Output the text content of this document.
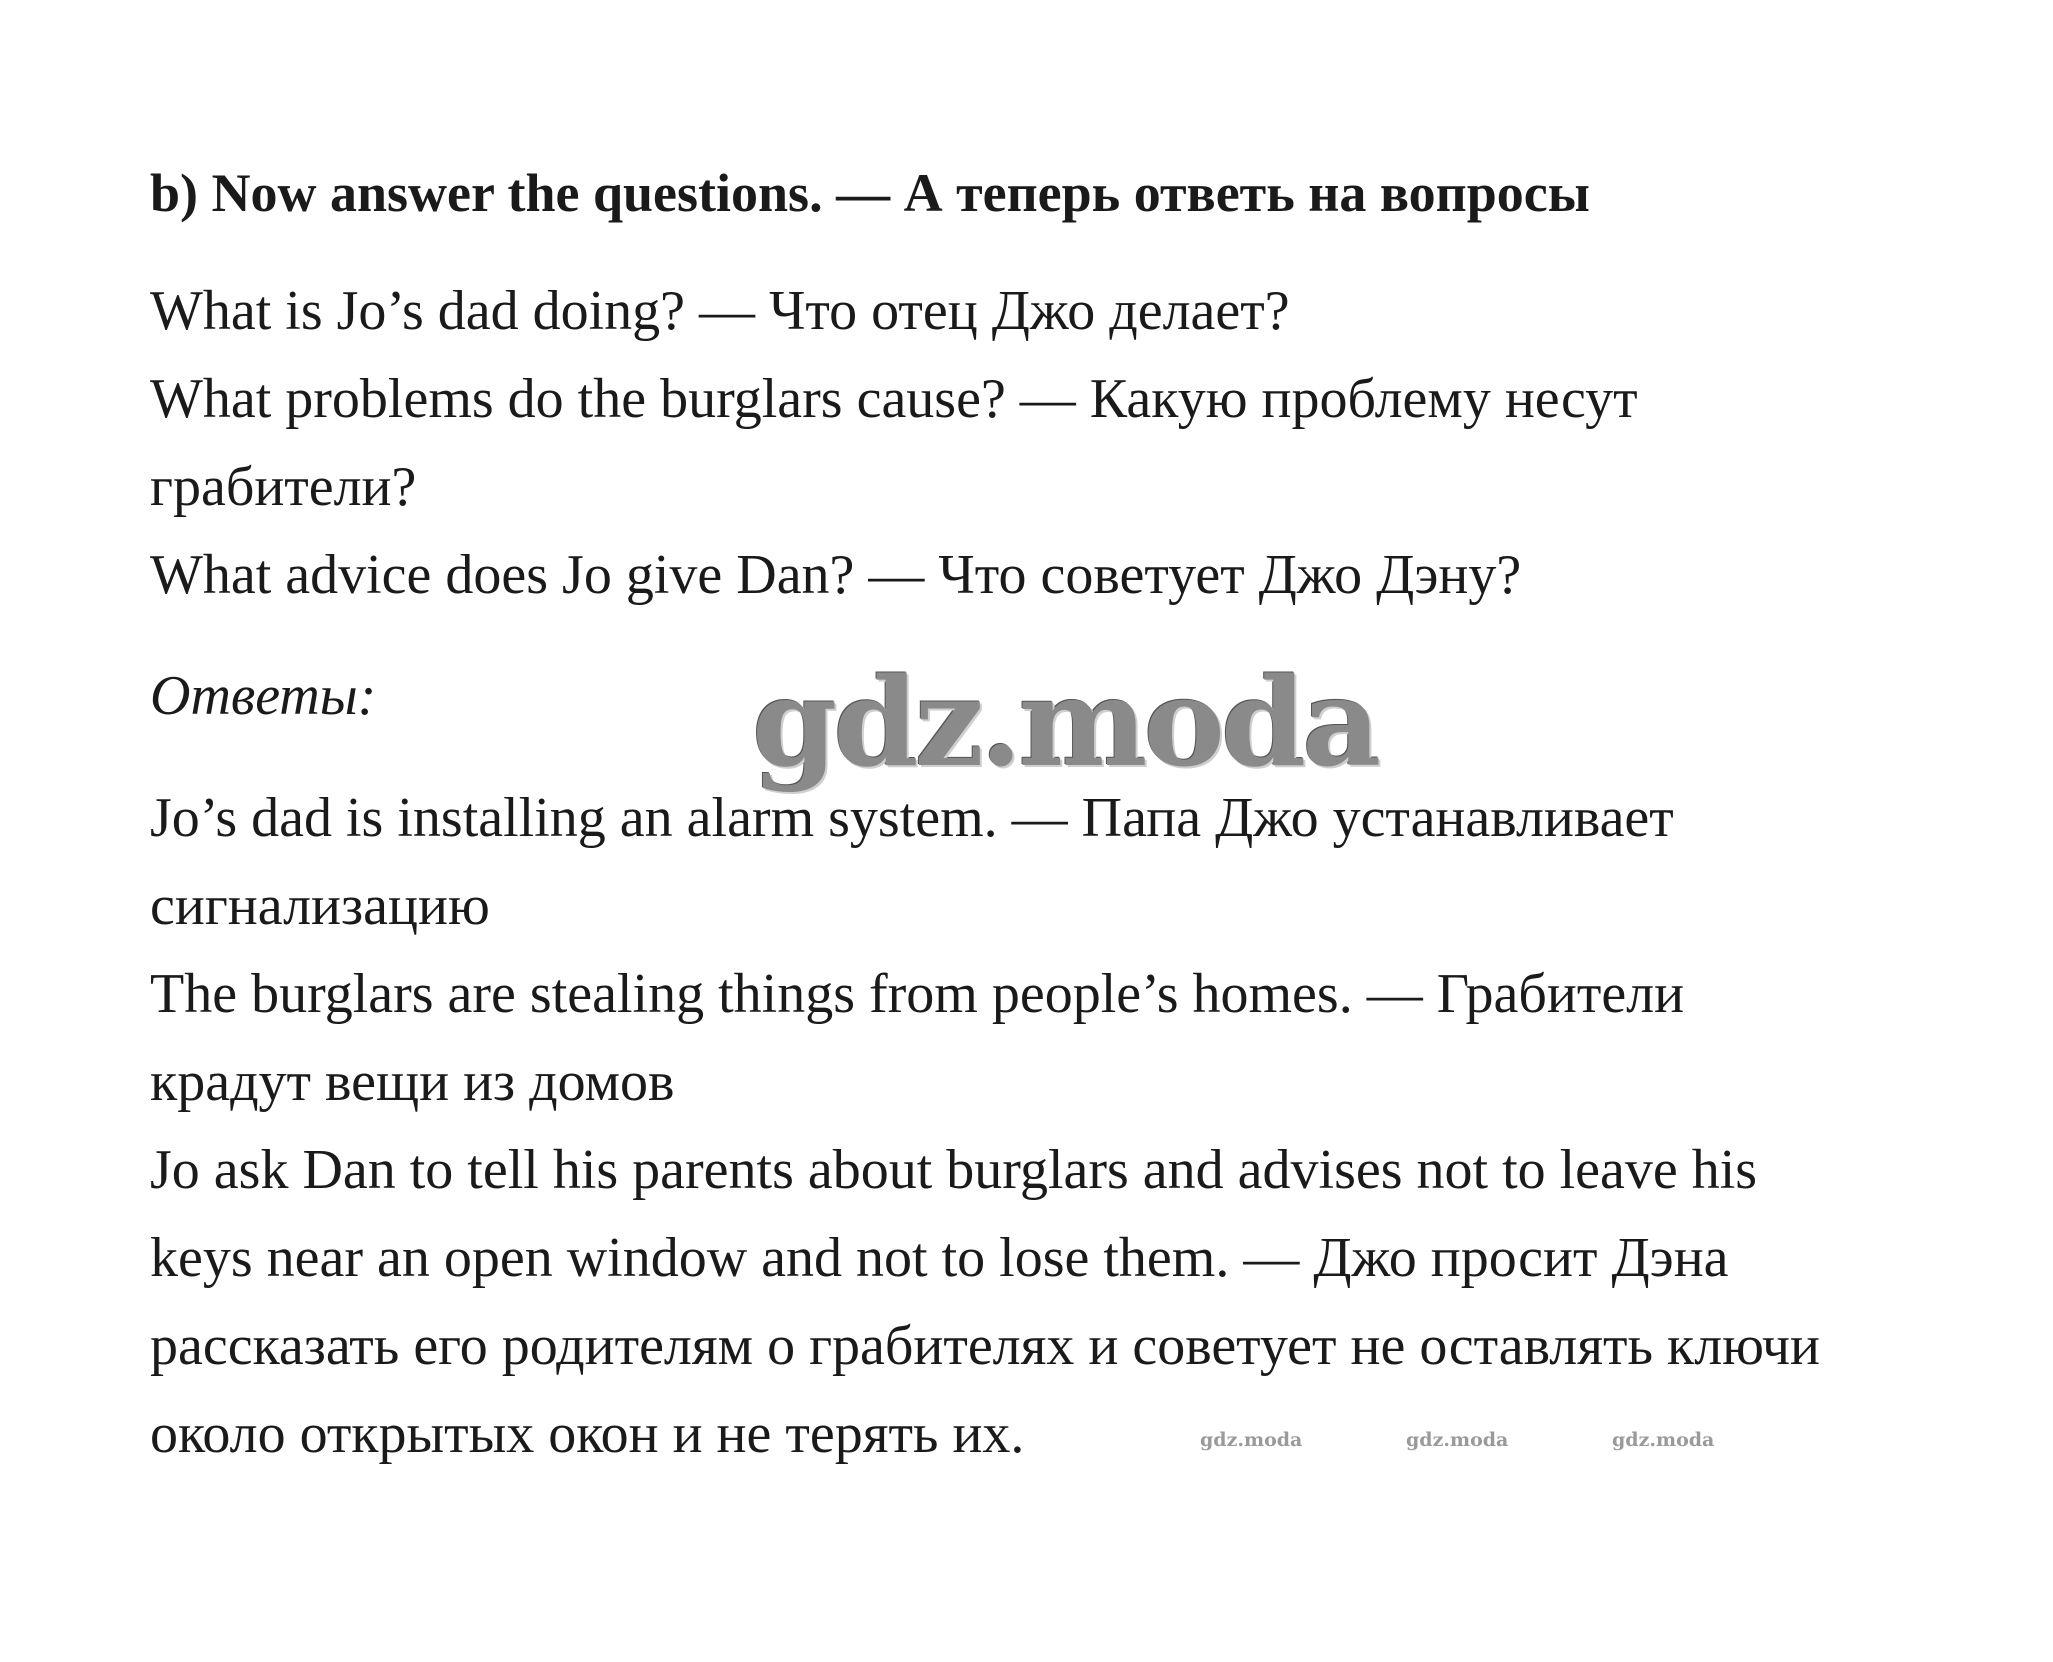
b) Now answer the questions. — А теперь ответь на вопросы
What is Jo’s dad doing? — Что отец Джо делает?
What problems do the burglars cause? — Какую проблему несут
грабители?
What advice does Jo give Dan? — Что советует Джо Дэну?
Ответы:	gdz.moda
Jo’s dad is installing an alarm system. — Папа Джо устанавливает
сигнализацию
The burglars are stealing things from people’s homes. — Грабители
крадут вещи из домов
Jo ask Dan to tell his parents about burglars and advises not to leave his
keys near an open window and not to lose them. — Джо просит Дэна
рассказать его родителям о грабителях и советует не оставлять ключи
около открытых окон и не терять их.	gdz.moda	gdz.moda	gdz.moda
